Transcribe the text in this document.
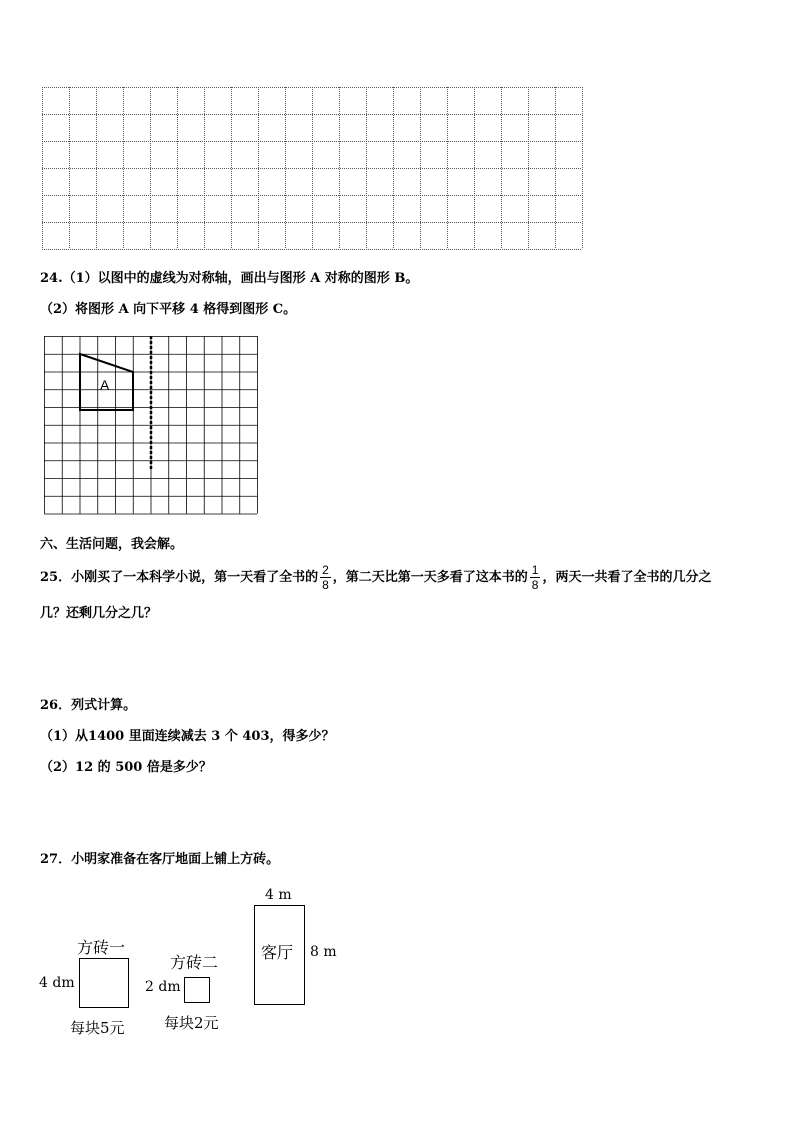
24.（1）以图中的虚线为对称轴，画出与图形 A 对称的图形 B。
（2）将图形 A 向下平移 4 格得到图形 C。
A
六、生活问题，我会解。
25．小刚买了一本科学小说，第一天看了全书的 $\frac{2}{8}$ ，第二天比第一天多看了这本书的 $\frac{1}{8}$ ，两天一共看了全书的几分之
几？还剩几分之几？
26．列式计算。
（1）从1400 里面连续减去 3 个 403，得多少？
（2）12 的 500 倍是多少？
27．小明家准备在客厅地面上铺上方砖。
方砖一
4 dm
每块5元
方砖二
2 dm
每块2元
4 m
客厅 8 m
